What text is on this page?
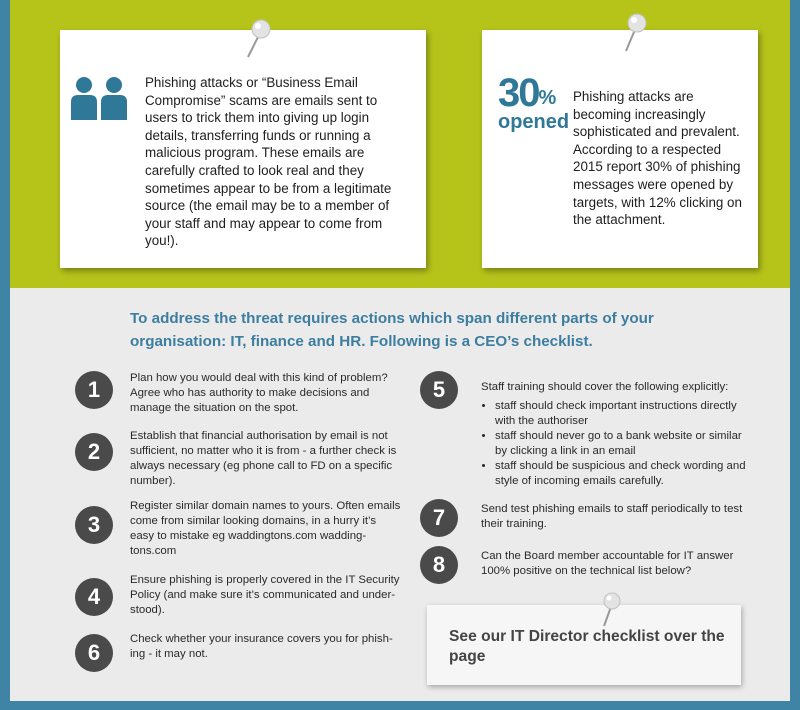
Phishing attacks or “Business Email Compromise” scams are emails sent to users to trick them into giving up login details, transferring funds or running a malicious program. These emails are carefully crafted to look real and they sometimes appear to be from a legitimate source (the email may be to a member of your staff and may appear to come from you!).
30%
opened
Phishing attacks are becoming increasingly sophisticated and prevalent. According to a respected 2015 report 30% of phishing messages were opened by targets, with 12% clicking on the attachment.
To address the threat requires actions which span different parts of your organisation: IT, finance and HR. Following is a CEO’s checklist.
1	Plan how you would deal with this kind of problem? Agree who has authority to make decisions and manage the situation on the spot.
2
Establish that financial authorisation by email is not sufficient, no matter who it is from - a further check is always necessary (eg phone call to FD on a specific number).
3
Register similar domain names to yours. Often emails come from similar looking domains, in a hurry it’s easy to mistake eg waddingtons.com wadding-tons.com
4
Ensure phishing is properly covered in the IT Security Policy (and make sure it’s communicated and under-stood).
6
Check whether your insurance covers you for phish-ing - it may not.
5	Staff training should cover the following explicitly:
• staff should check important instructions directly with the authoriser
• staff should never go to a bank website or similar by clicking a link in an email
• staff should be suspicious and check wording and style of incoming emails carefully.
7	Send test phishing emails to staff periodically to test their training.
8	Can the Board member accountable for IT answer 100% positive on the technical list below?
See our IT Director checklist over the page
